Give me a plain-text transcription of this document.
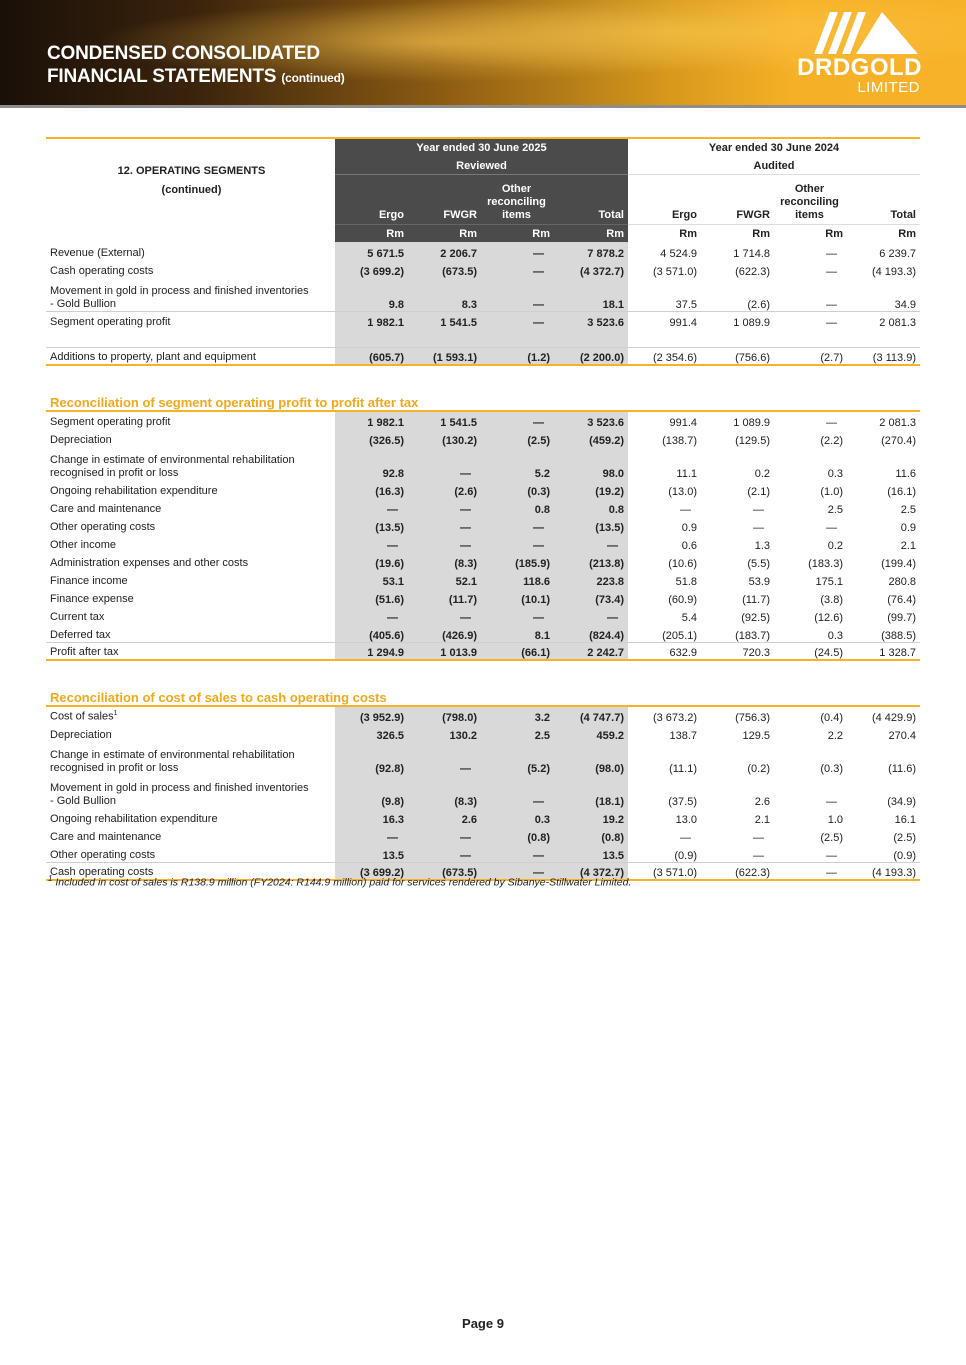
CONDENSED CONSOLIDATED
FINANCIAL STATEMENTS (continued)	DRDGOLD
LIMITED
12. OPERATING SEGMENTS
(continued)	Year ended 30 June 2025				Year ended 30 June 2024			
	Reviewed				Audited			
	Ergo	FWGR	Other reconciling items	Total	Ergo	FWGR	Other reconciling items	Total
	Rm	Rm	Rm	Rm	Rm	Rm	Rm	Rm
Revenue (External)	5 671.5	2 206.7	—	7 878.2	4 524.9	1 714.8	—	6 239.7
Cash operating costs	(3 699.2)	(673.5)	—	(4 372.7)	(3 571.0)	(622.3)	—	(4 193.3)
Movement in gold in process and finished inventories - Gold Bullion	9.8	8.3	—	18.1	37.5	(2.6)	—	34.9
Segment operating profit	1 982.1	1 541.5	—	3 523.6	991.4	1 089.9	—	2 081.3

Additions to property, plant and equipment	(605.7)	(1 593.1)	(1.2)	(2 200.0)	(2 354.6)	(756.6)	(2.7)	(3 113.9)

Reconciliation of segment operating profit to profit after tax								
Segment operating profit	1 982.1	1 541.5	—	3 523.6	991.4	1 089.9	—	2 081.3
Depreciation	(326.5)	(130.2)	(2.5)	(459.2)	(138.7)	(129.5)	(2.2)	(270.4)
Change in estimate of environmental rehabilitation recognised in profit or loss	92.8	—	5.2	98.0	11.1	0.2	0.3	11.6
Ongoing rehabilitation expenditure	(16.3)	(2.6)	(0.3)	(19.2)	(13.0)	(2.1)	(1.0)	(16.1)
Care and maintenance	—	—	0.8	0.8	—	—	2.5	2.5
Other operating costs	(13.5)	—	—	(13.5)	0.9	—	—	0.9
Other income	—	—	—	—	0.6	1.3	0.2	2.1
Administration expenses and other costs	(19.6)	(8.3)	(185.9)	(213.8)	(10.6)	(5.5)	(183.3)	(199.4)
Finance income	53.1	52.1	118.6	223.8	51.8	53.9	175.1	280.8
Finance expense	(51.6)	(11.7)	(10.1)	(73.4)	(60.9)	(11.7)	(3.8)	(76.4)
Current tax	—	—	—	—	5.4	(92.5)	(12.6)	(99.7)
Deferred tax	(405.6)	(426.9)	8.1	(824.4)	(205.1)	(183.7)	0.3	(388.5)
Profit after tax	1 294.9	1 013.9	(66.1)	2 242.7	632.9	720.3	(24.5)	1 328.7

Reconciliation of cost of sales to cash operating costs								
Cost of sales$^1$	(3 952.9)	(798.0)	3.2	(4 747.7)	(3 673.2)	(756.3)	(0.4)	(4 429.9)
Depreciation	326.5	130.2	2.5	459.2	138.7	129.5	2.2	270.4
Change in estimate of environmental rehabilitation recognised in profit or loss	(92.8)	—	(5.2)	(98.0)	(11.1)	(0.2)	(0.3)	(11.6)
Movement in gold in process and finished inventories - Gold Bullion	(9.8)	(8.3)	—	(18.1)	(37.5)	2.6	—	(34.9)
Ongoing rehabilitation expenditure	16.3	2.6	0.3	19.2	13.0	2.1	1.0	16.1
Care and maintenance	—	—	(0.8)	(0.8)	—	—	(2.5)	(2.5)
Other operating costs	13.5	—	—	13.5	(0.9)	—	—	(0.9)
Cash operating costs	(3 699.2)	(673.5)	—	(4 372.7)	(3 571.0)	(622.3)	—	(4 193.3)
$^1$ Included in cost of sales is R138.9 million (FY2024: R144.9 million) paid for services rendered by Sibanye-Stillwater Limited.
Page 9
